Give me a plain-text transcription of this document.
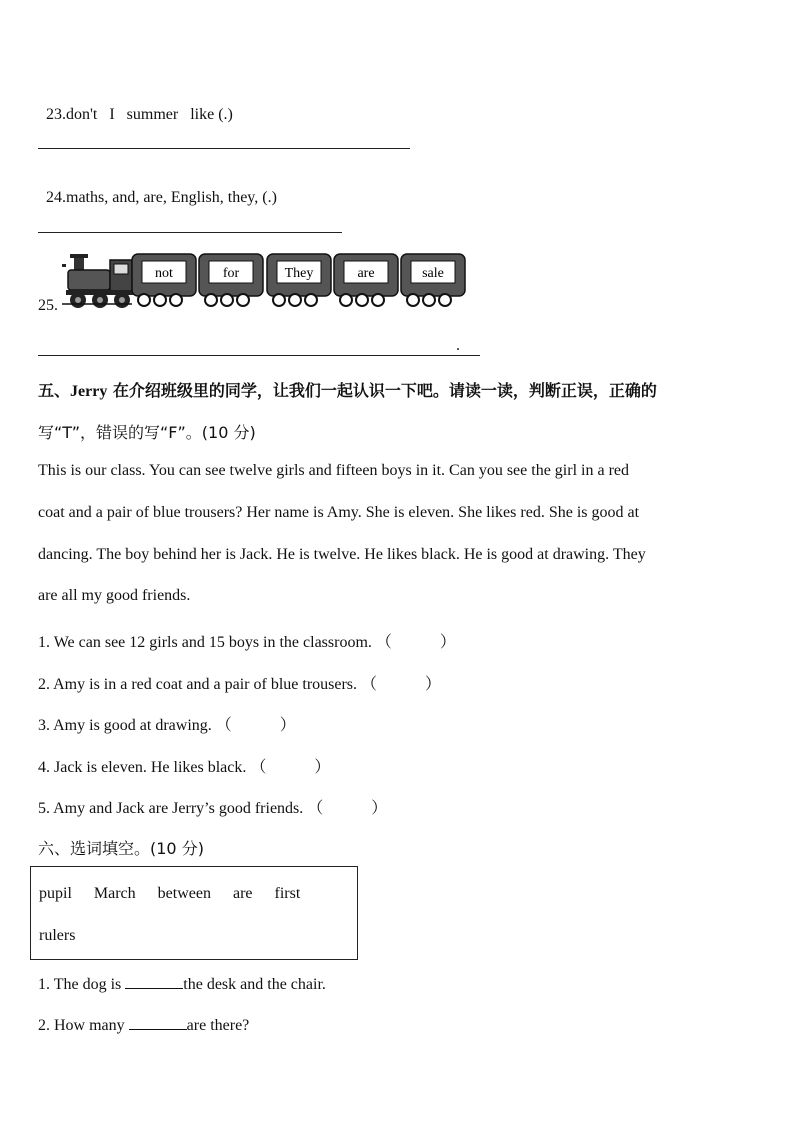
23.don't   I   summer   like (.)

24.maths, and, are, English, they, (.)

25.
not	for	They	are	sale
.
五、Jerry 在介绍班级里的同学，让我们一起认识一下吧。请读一读，判断正误，正确的
写“T”，错误的写“F”。(10 分)
This is our class. You can see twelve girls and fifteen boys in it. Can you see the girl in a red
coat and a pair of blue trousers? Her name is Amy. She is eleven. She likes red. She is good at
dancing. The boy behind her is Jack. He is twelve. He likes black. He is good at drawing. They
are all my good friends.
1. We can see 12 girls and 15 boys in the classroom. （            ）
2. Amy is in a red coat and a pair of blue trousers. （            ）
3. Amy is good at drawing. （            ）
4. Jack is eleven. He likes black. （            ）
5. Amy and Jack are Jerry’s good friends. （            ）
六、选词填空。(10 分)
pupil March between are first
rulers
1. The dog is	the desk and the chair.
2. How many	are there?
